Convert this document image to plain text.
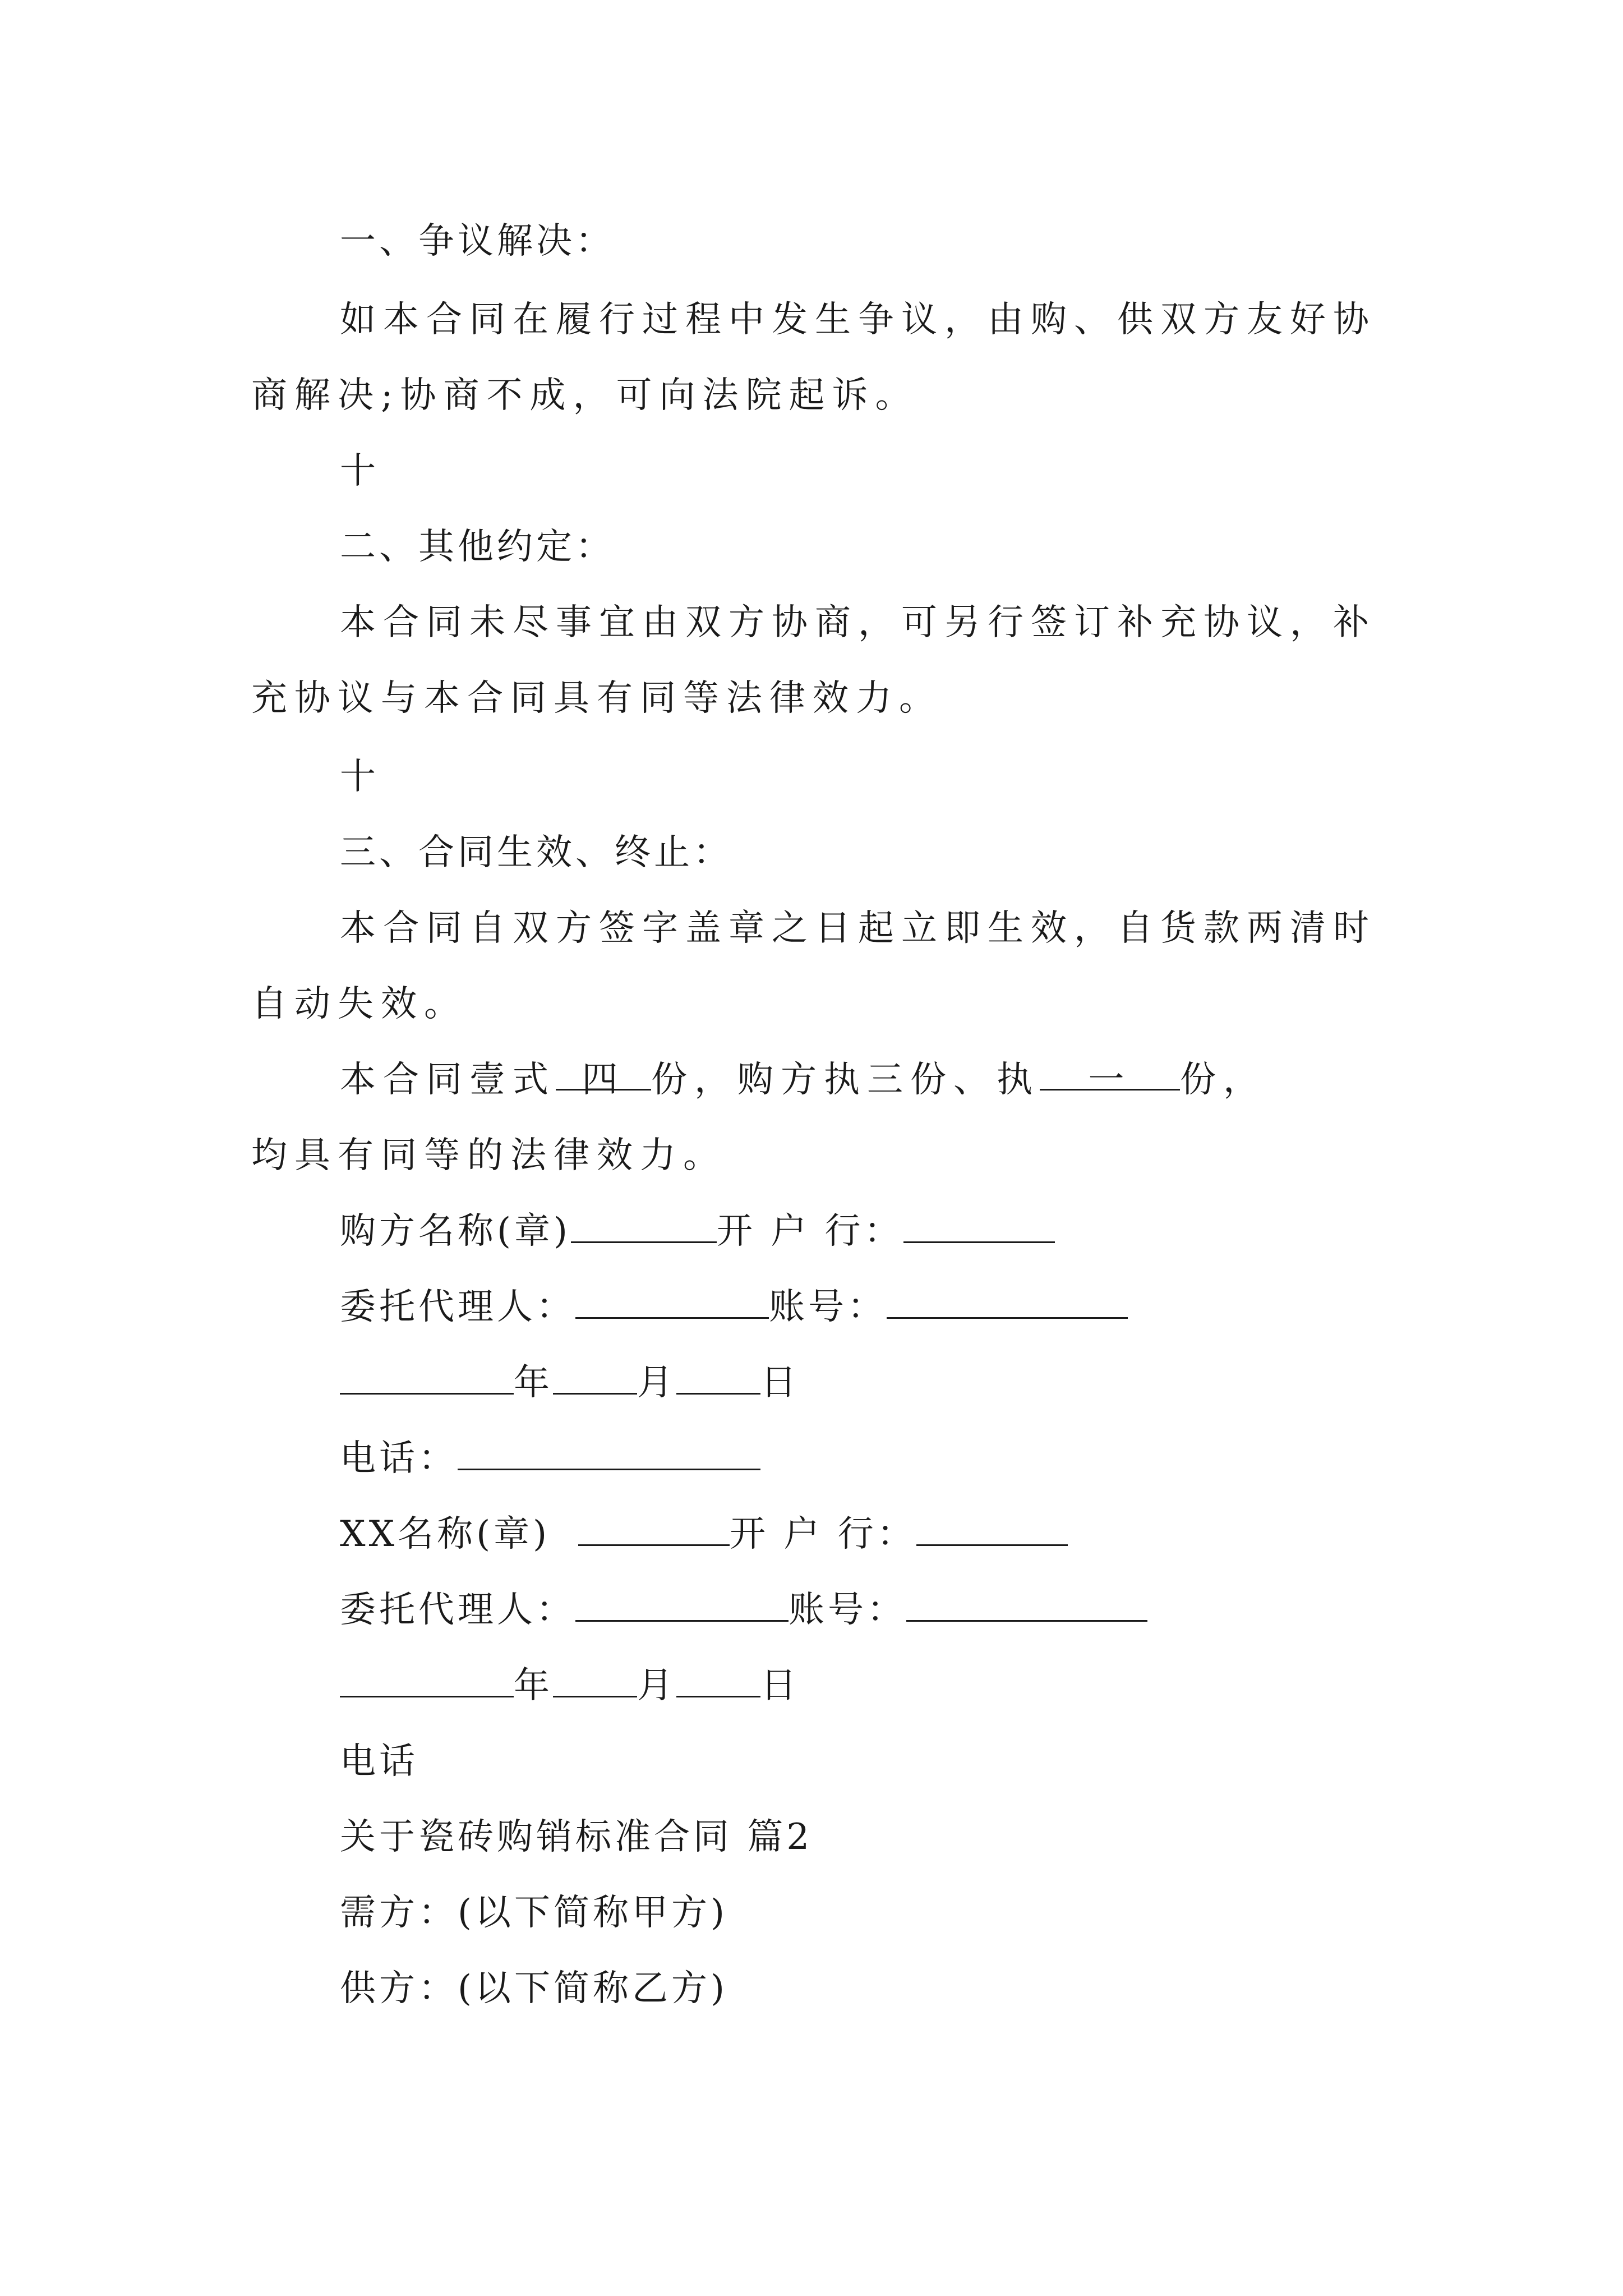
一、争议解决：
如本合同在履行过程中发生争议，由购、供双方友好协
商解决;协商不成，可向法院起诉。
十
二、其他约定：
本合同未尽事宜由双方协商，可另行签订补充协议，补
充协议与本合同具有同等法律效力。
十
三、合同生效、终止：
本合同自双方签字盖章之日起立即生效，自货款两清时
自动失效。
本合同壹式 四 份，购方执三份、执 一 份，
均具有同等的法律效力。
购方名称(章)	开 户 行：
委托代理人：	账号：
年 月 日
电话：
XX名称(章)	开 户 行：
委托代理人：	账号：
年 月 日
电话
关于瓷砖购销标准合同 篇2
需方：(以下简称甲方)
供方：(以下简称乙方)
